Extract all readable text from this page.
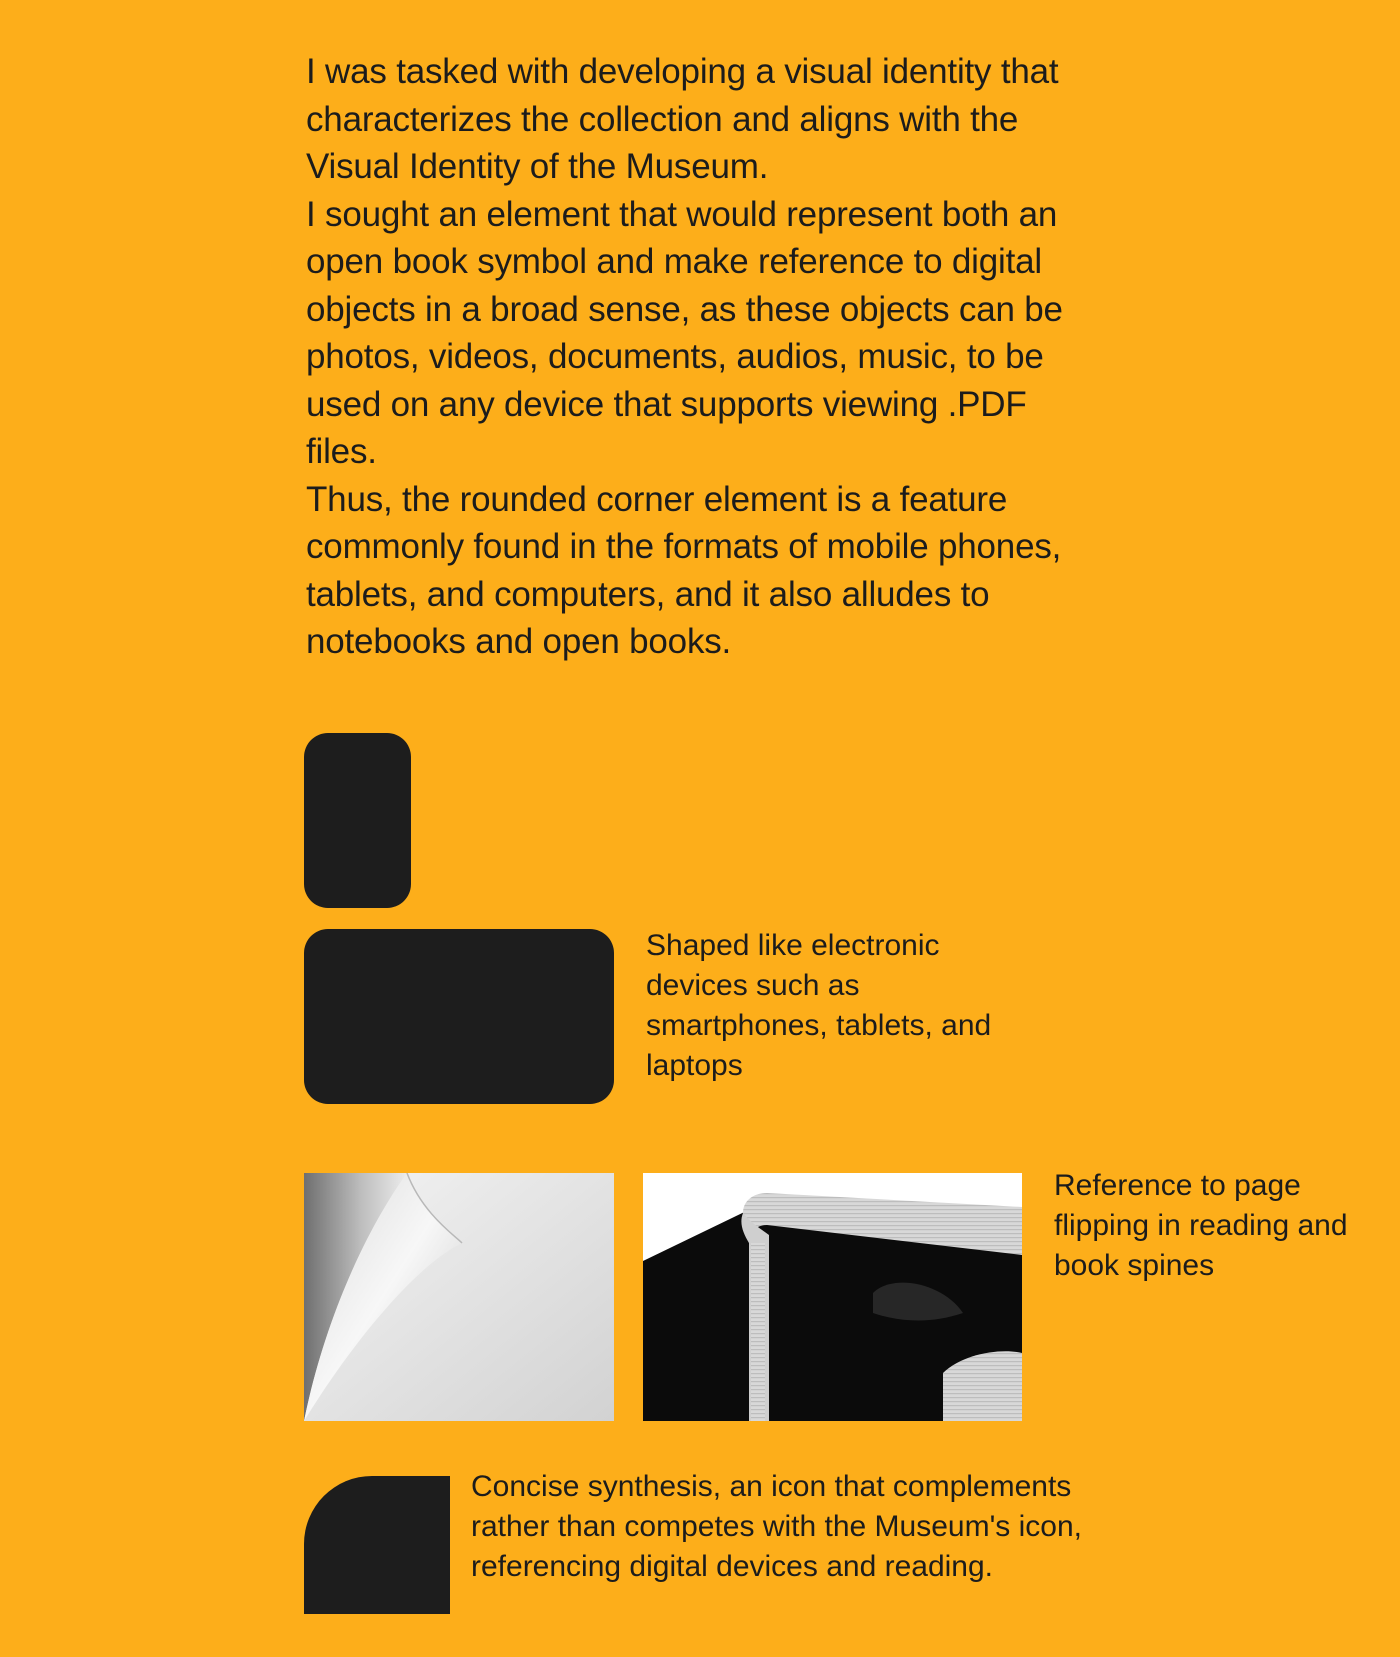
I was tasked with developing a visual identity that characterizes the collection and aligns with the Visual Identity of the Museum.

I sought an element that would represent both an open book symbol and make reference to digital objects in a broad sense, as these objects can be photos, videos, documents, audios, music, to be used on any device that supports viewing .PDF files.

Thus, the rounded corner element is a feature commonly found in the formats of mobile phones, tablets, and computers, and it also alludes to notebooks and open books.

Shaped like electronic devices such as smartphones, tablets, and laptops

Reference to page flipping in reading and book spines

Concise synthesis, an icon that complements rather than competes with the Museum's icon, referencing digital devices and reading.
